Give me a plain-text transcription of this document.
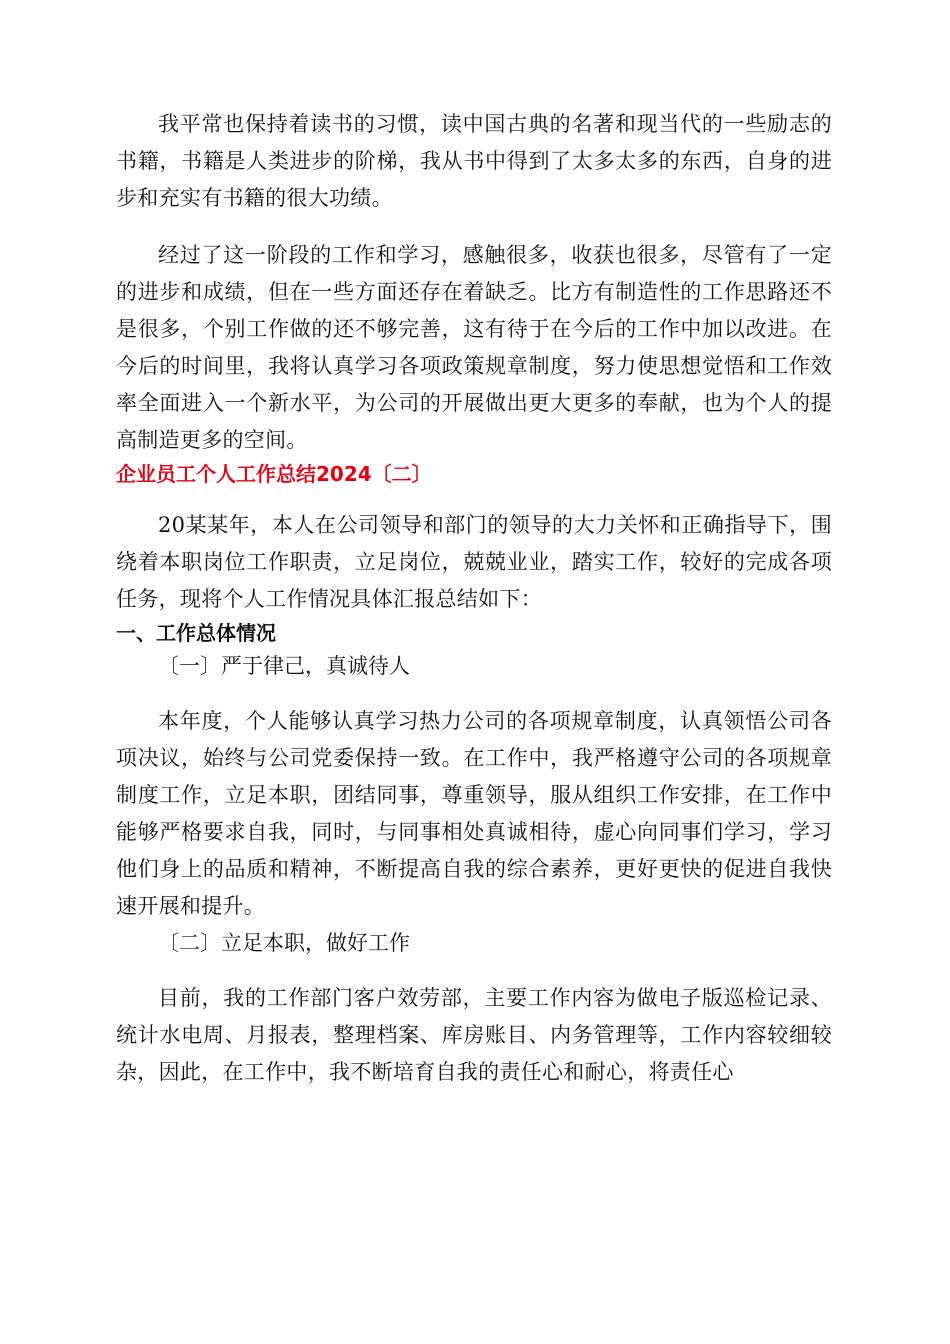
我平常也保持着读书的习惯，读中国古典的名著和现当代的一些励志的书籍，书籍是人类进步的阶梯，我从书中得到了太多太多的东西，自身的进步和充实有书籍的很大功绩。

经过了这一阶段的工作和学习，感触很多，收获也很多，尽管有了一定的进步和成绩，但在一些方面还存在着缺乏。比方有制造性的工作思路还不是很多，个别工作做的还不够完善，这有待于在今后的工作中加以改进。在今后的时间里，我将认真学习各项政策规章制度，努力使思想觉悟和工作效率全面进入一个新水平，为公司的开展做出更大更多的奉献，也为个人的提高制造更多的空间。

企业员工个人工作总结2024〔二〕

20某某年，本人在公司领导和部门的领导的大力关怀和正确指导下，围绕着本职岗位工作职责，立足岗位，兢兢业业，踏实工作，较好的完成各项任务，现将个人工作情况具体汇报总结如下：

一、工作总体情况

〔一〕严于律己，真诚待人

本年度，个人能够认真学习热力公司的各项规章制度，认真领悟公司各项决议，始终与公司党委保持一致。在工作中，我严格遵守公司的各项规章制度工作，立足本职，团结同事，尊重领导，服从组织工作安排，在工作中能够严格要求自我，同时，与同事相处真诚相待，虚心向同事们学习，学习他们身上的品质和精神，不断提高自我的综合素养，更好更快的促进自我快速开展和提升。

〔二〕立足本职，做好工作

目前，我的工作部门客户效劳部，主要工作内容为做电子版巡检记录、统计水电周、月报表，整理档案、库房账目、内务管理等，工作内容较细较杂，因此，在工作中，我不断培育自我的责任心和耐心，将责任心
